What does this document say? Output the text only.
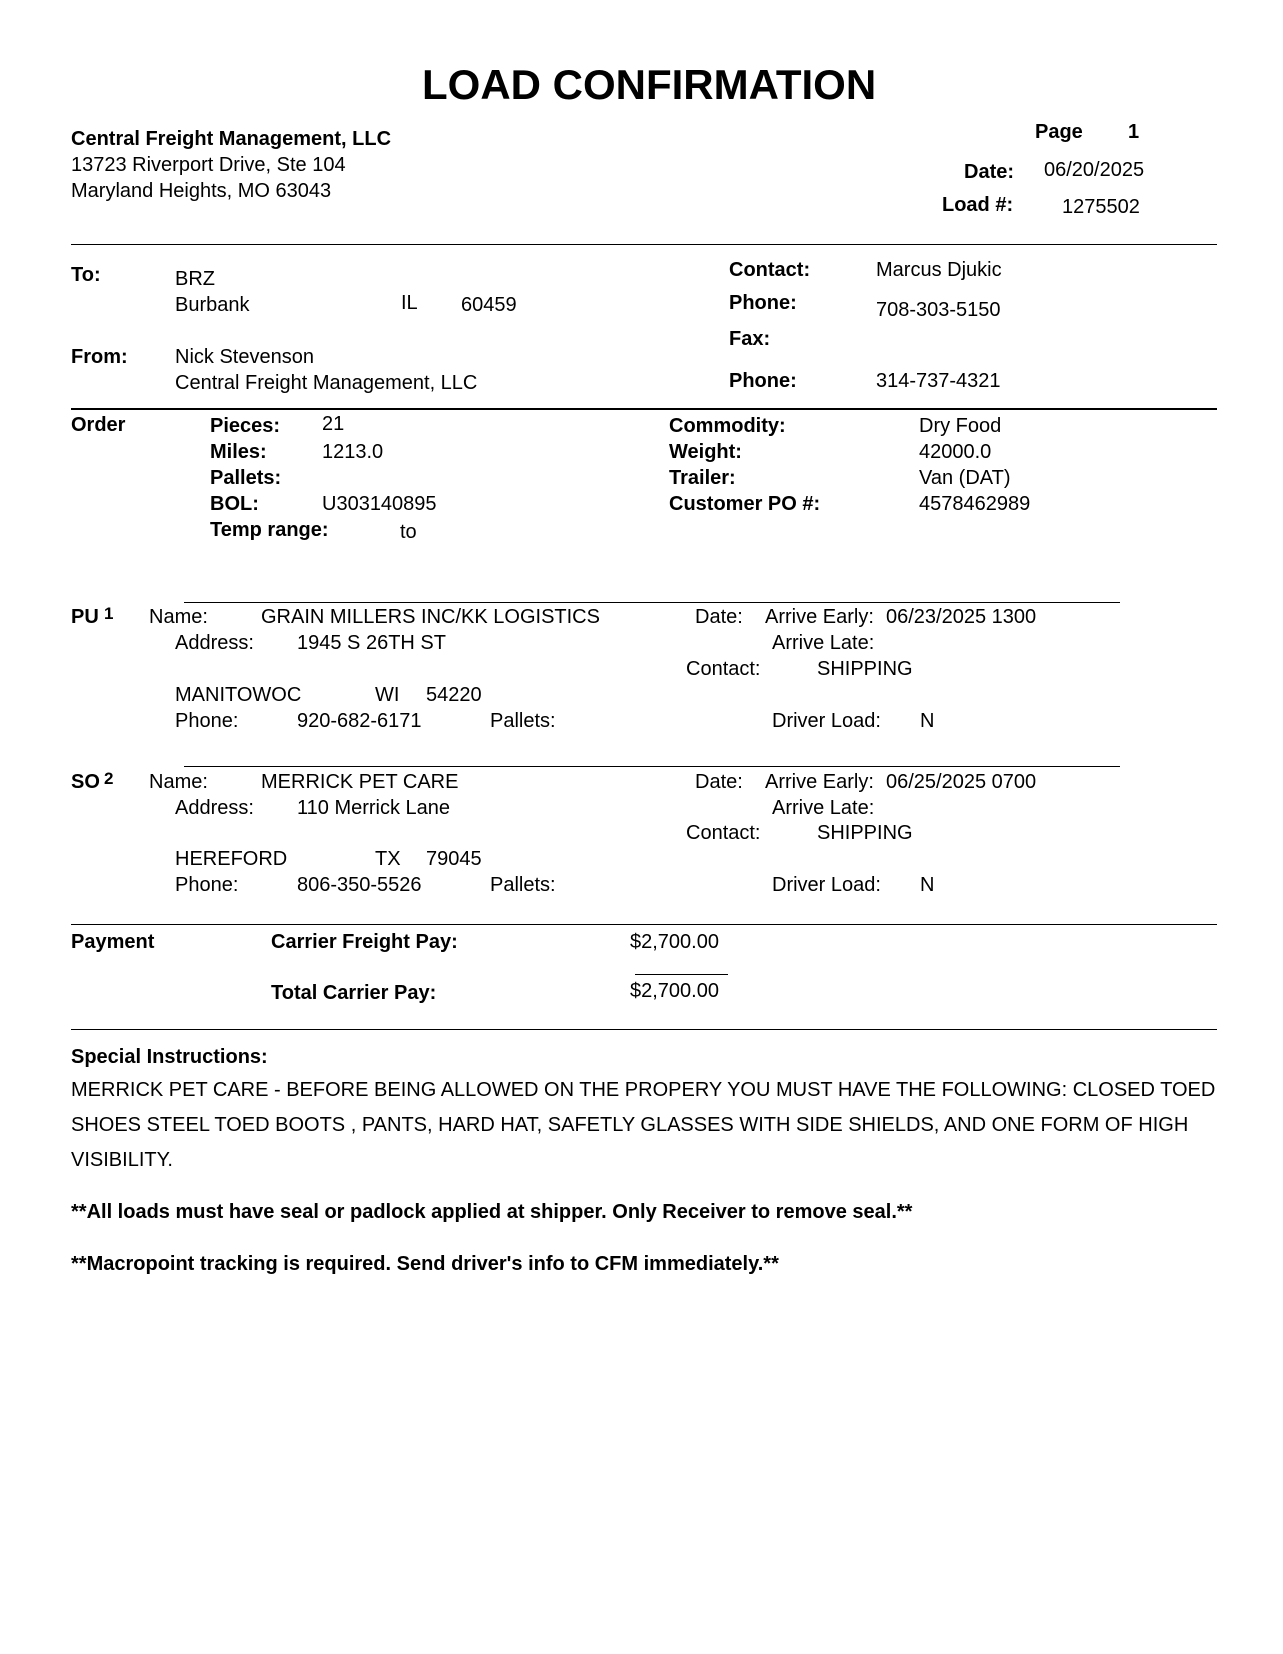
LOAD CONFIRMATION
Central Freight Management, LLC
13723 Riverport Drive, Ste 104
Maryland Heights, MO 63043
Page 1
Date: 06/20/2025
Load #: 1275502
To:	BRZ
Burbank	IL 60459
From: Nick Stevenson
Central Freight Management, LLC
Contact:	Marcus Djukic
Phone:	708-303-5150
Fax:
Phone:	314-737-4321
Order	Pieces: 21
Miles:	1213.0
Pallets:
BOL:	U303140895
Temp range:	to
Commodity:	Dry Food
Weight:	42000.0
Trailer:	Van (DAT)
Customer PO #:	4578462989
PU 1 Name:	GRAIN MILLERS INC/KK LOGISTICS
Address: 1945 S 26TH ST
MANITOWOC	WI 54220
Phone:	920-682-6171	Pallets:
Date: Arrive Early: 06/23/2025 1300
Arrive Late:
Contact:	SHIPPING
Driver Load: N
SO 2 Name:	MERRICK PET CARE
Address: 110 Merrick Lane
HEREFORD	TX 79045
Phone:	806-350-5526	Pallets:
Date: Arrive Early: 06/25/2025 0700
Arrive Late:
Contact:	SHIPPING
Driver Load: N
Payment	Carrier Freight Pay:	$2,700.00
Total Carrier Pay:	$2,700.00
Special Instructions:
MERRICK PET CARE - BEFORE BEING ALLOWED ON THE PROPERY YOU MUST HAVE THE FOLLOWING: CLOSED TOED SHOES STEEL TOED BOOTS , PANTS, HARD HAT, SAFETLY GLASSES WITH SIDE SHIELDS, AND ONE FORM OF HIGH VISIBILITY.
**All loads must have seal or padlock applied at shipper. Only Receiver to remove seal.**
**Macropoint tracking is required. Send driver's info to CFM immediately.**
